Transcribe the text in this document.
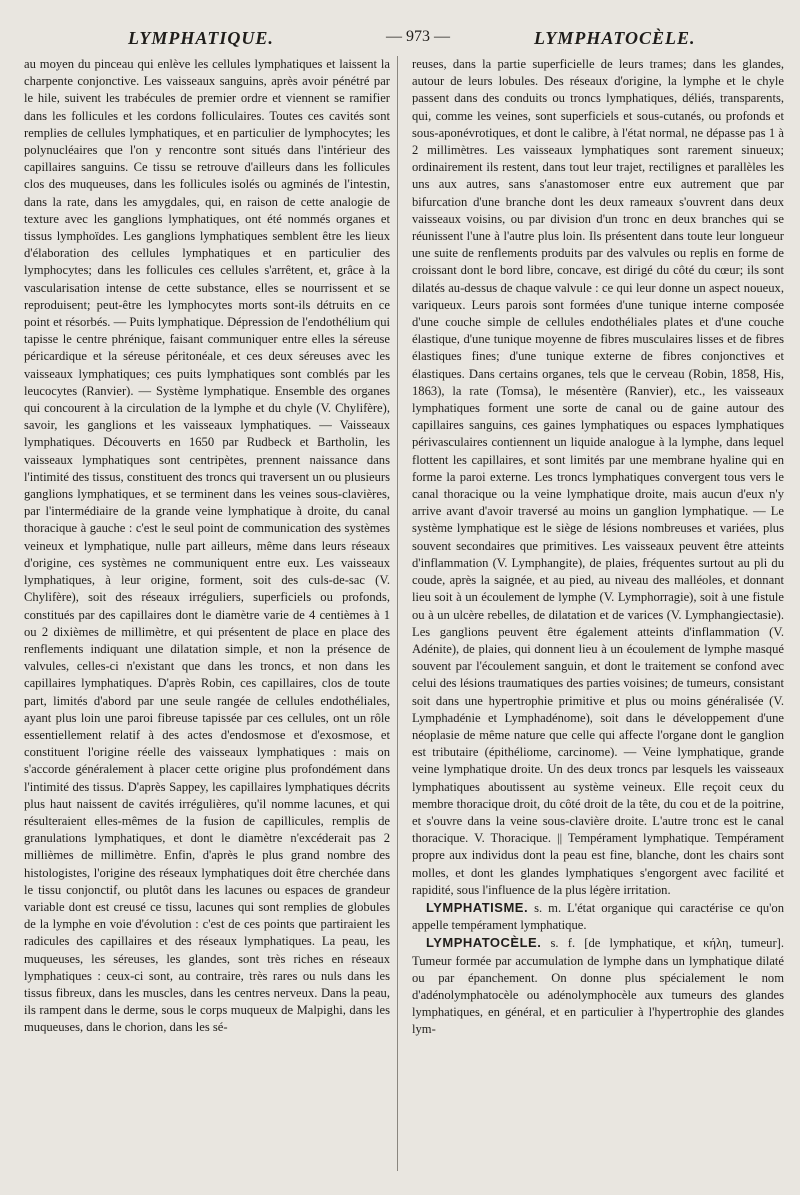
LYMPHATIQUE.	— 973 —	LYMPHATOCÈLE.

au moyen du pinceau qui enlève les cellules lymphatiques et laissent la charpente conjonctive. Les vaisseaux sanguins, après avoir pénétré par le hile, suivent les trabécules de premier ordre et viennent se ramifier dans les follicules et les cordons folliculaires. Toutes ces cavités sont remplies de cellules lymphatiques, et en particulier de lymphocytes; les polynucléaires que l'on y rencontre sont situés dans l'intérieur des capillaires sanguins. Ce tissu se retrouve d'ailleurs dans les follicules clos des muqueuses, dans les follicules isolés ou agminés de l'intestin, dans la rate, dans les amygdales, qui, en raison de cette analogie de texture avec les ganglions lymphatiques, ont été nommés organes et tissus lymphoïdes. Les ganglions lymphatiques semblent être les lieux d'élaboration des cellules lymphatiques et en particulier des lymphocytes; dans les follicules ces cellules s'arrêtent, et, grâce à la vascularisation intense de cette substance, elles se nourrissent et se reproduisent; peut-être les lymphocytes morts sont-ils détruits en ce point et résorbés. — Puits lymphatique. Dépression de l'endothélium qui tapisse le centre phrénique, faisant communiquer entre elles la séreuse péricardique et la séreuse péritonéale, et ces deux séreuses avec les vaisseaux lymphatiques; ces puits lymphatiques sont comblés par les leucocytes (Ranvier). — Système lymphatique. Ensemble des organes qui concourent à la circulation de la lymphe et du chyle (V. Chylifère), savoir, les ganglions et les vaisseaux lymphatiques. — Vaisseaux lymphatiques. Découverts en 1650 par Rudbeck et Bartholin, les vaisseaux lymphatiques sont centripètes, prennent naissance dans l'intimité des tissus, constituent des troncs qui traversent un ou plusieurs ganglions lymphatiques, et se terminent dans les veines sous-clavières, par l'intermédiaire de la grande veine lymphatique à droite, du canal thoracique à gauche : c'est le seul point de communication des systèmes veineux et lymphatique, nulle part ailleurs, même dans leurs réseaux d'origine, ces systèmes ne communiquent entre eux. Les vaisseaux lymphatiques, à leur origine, forment, soit des culs-de-sac (V. Chylifère), soit des réseaux irréguliers, superficiels ou profonds, constitués par des capillaires dont le diamètre varie de 4 centièmes à 1 ou 2 dixièmes de millimètre, et qui présentent de place en place des renflements indiquant une dilatation simple, et non la présence de valvules, celles-ci n'existant que dans les troncs, et non dans les capillaires lymphatiques. D'après Robin, ces capillaires, clos de toute part, limités d'abord par une seule rangée de cellules endothéliales, ayant plus loin une paroi fibreuse tapissée par ces cellules, ont un rôle essentiellement relatif à des actes d'endosmose et d'exosmose, et constituent l'origine réelle des vaisseaux lymphatiques : mais on s'accorde généralement à placer cette origine plus profondément dans l'intimité des tissus. D'après Sappey, les capillaires lymphatiques décrits plus haut naissent de cavités irrégulières, qu'il nomme lacunes, et qui résulteraient elles-mêmes de la fusion de capillicules, remplis de granulations lymphatiques, et dont le diamètre n'excéderait pas 2 millièmes de millimètre. Enfin, d'après le plus grand nombre des histologistes, l'origine des réseaux lymphatiques doit être cherchée dans le tissu conjonctif, ou plutôt dans les lacunes ou espaces de grandeur variable dont est creusé ce tissu, lacunes qui sont remplies de globules de la lymphe en voie d'évolution : c'est de ces points que partiraient les radicules des capillaires et des réseaux lymphatiques. La peau, les muqueuses, les séreuses, les glandes, sont très riches en réseaux lymphatiques : ceux-ci sont, au contraire, très rares ou nuls dans les tissus fibreux, dans les muscles, dans les centres nerveux. Dans la peau, ils rampent dans le derme, sous le corps muqueux de Malpighi, dans les muqueuses, dans le chorion, dans les sé-

reuses, dans la partie superficielle de leurs trames; dans les glandes, autour de leurs lobules. Des réseaux d'origine, la lymphe et le chyle passent dans des conduits ou troncs lymphatiques, déliés, transparents, qui, comme les veines, sont superficiels et sous-cutanés, ou profonds et sous-aponévrotiques, et dont le calibre, à l'état normal, ne dépasse pas 1 à 2 millimètres. Les vaisseaux lymphatiques sont rarement sinueux; ordinairement ils restent, dans tout leur trajet, rectilignes et parallèles les uns aux autres, sans s'anastomoser entre eux autrement que par bifurcation d'une branche dont les deux rameaux s'ouvrent dans deux vaisseaux voisins, ou par division d'un tronc en deux branches qui se réunissent l'une à l'autre plus loin. Ils présentent dans toute leur longueur une suite de renflements produits par des valvules ou replis en forme de croissant dont le bord libre, concave, est dirigé du côté du cœur; ils sont dilatés au-dessus de chaque valvule : ce qui leur donne un aspect noueux, variqueux. Leurs parois sont formées d'une tunique interne composée d'une couche simple de cellules endothéliales plates et d'une couche élastique, d'une tunique moyenne de fibres musculaires lisses et de fibres élastiques fines; d'une tunique externe de fibres conjonctives et élastiques. Dans certains organes, tels que le cerveau (Robin, 1858, His, 1863), la rate (Tomsa), le mésentère (Ranvier), etc., les vaisseaux lymphatiques forment une sorte de canal ou de gaine autour des capillaires sanguins, ces gaines lymphatiques ou espaces lymphatiques périvasculaires contiennent un liquide analogue à la lymphe, dans lequel flottent les capillaires, et sont limités par une membrane hyaline qui en forme la paroi externe. Les troncs lymphatiques convergent tous vers le canal thoracique ou la veine lymphatique droite, mais aucun d'eux n'y arrive avant d'avoir traversé au moins un ganglion lymphatique. — Le système lymphatique est le siège de lésions nombreuses et variées, plus souvent secondaires que primitives. Les vaisseaux peuvent être atteints d'inflammation (V. Lymphangite), de plaies, fréquentes surtout au pli du coude, après la saignée, et au pied, au niveau des malléoles, et donnant lieu soit à un écoulement de lymphe (V. Lymphorragie), soit à une fistule ou à un ulcère rebelles, de dilatation et de varices (V. Lymphangiectasie). Les ganglions peuvent être également atteints d'inflammation (V. Adénite), de plaies, qui donnent lieu à un écoulement de lymphe masqué souvent par l'écoulement sanguin, et dont le traitement se confond avec celui des lésions traumatiques des parties voisines; de tumeurs, consistant soit dans une hypertrophie primitive et plus ou moins généralisée (V. Lymphadénie et Lymphadénome), soit dans le développement d'une néoplasie de même nature que celle qui affecte l'organe dont le ganglion est tributaire (épithéliome, carcinome). — Veine lymphatique, grande veine lymphatique droite. Un des deux troncs par lesquels les vaisseaux lymphatiques aboutissent au système veineux. Elle reçoit ceux du membre thoracique droit, du côté droit de la tête, du cou et de la poitrine, et s'ouvre dans la veine sous-clavière droite. L'autre tronc est le canal thoracique. V. Thoracique. || Tempérament lymphatique. Tempérament propre aux individus dont la peau est fine, blanche, dont les chairs sont molles, et dont les glandes lymphatiques s'engorgent avec facilité et rapidité, sous l'influence de la plus légère irritation.

LYMPHATISME. s. m. L'état organique qui caractérise ce qu'on appelle tempérament lymphatique.

LYMPHATOCÈLE. s. f. [de lymphatique, et κήλη, tumeur]. Tumeur formée par accumulation de lymphe dans un lymphatique dilaté ou par épanchement. On donne plus spécialement le nom d'adénolymphatocèle ou adénolymphocèle aux tumeurs des glandes lymphatiques, en général, et en particulier à l'hypertrophie des glandes lym-
